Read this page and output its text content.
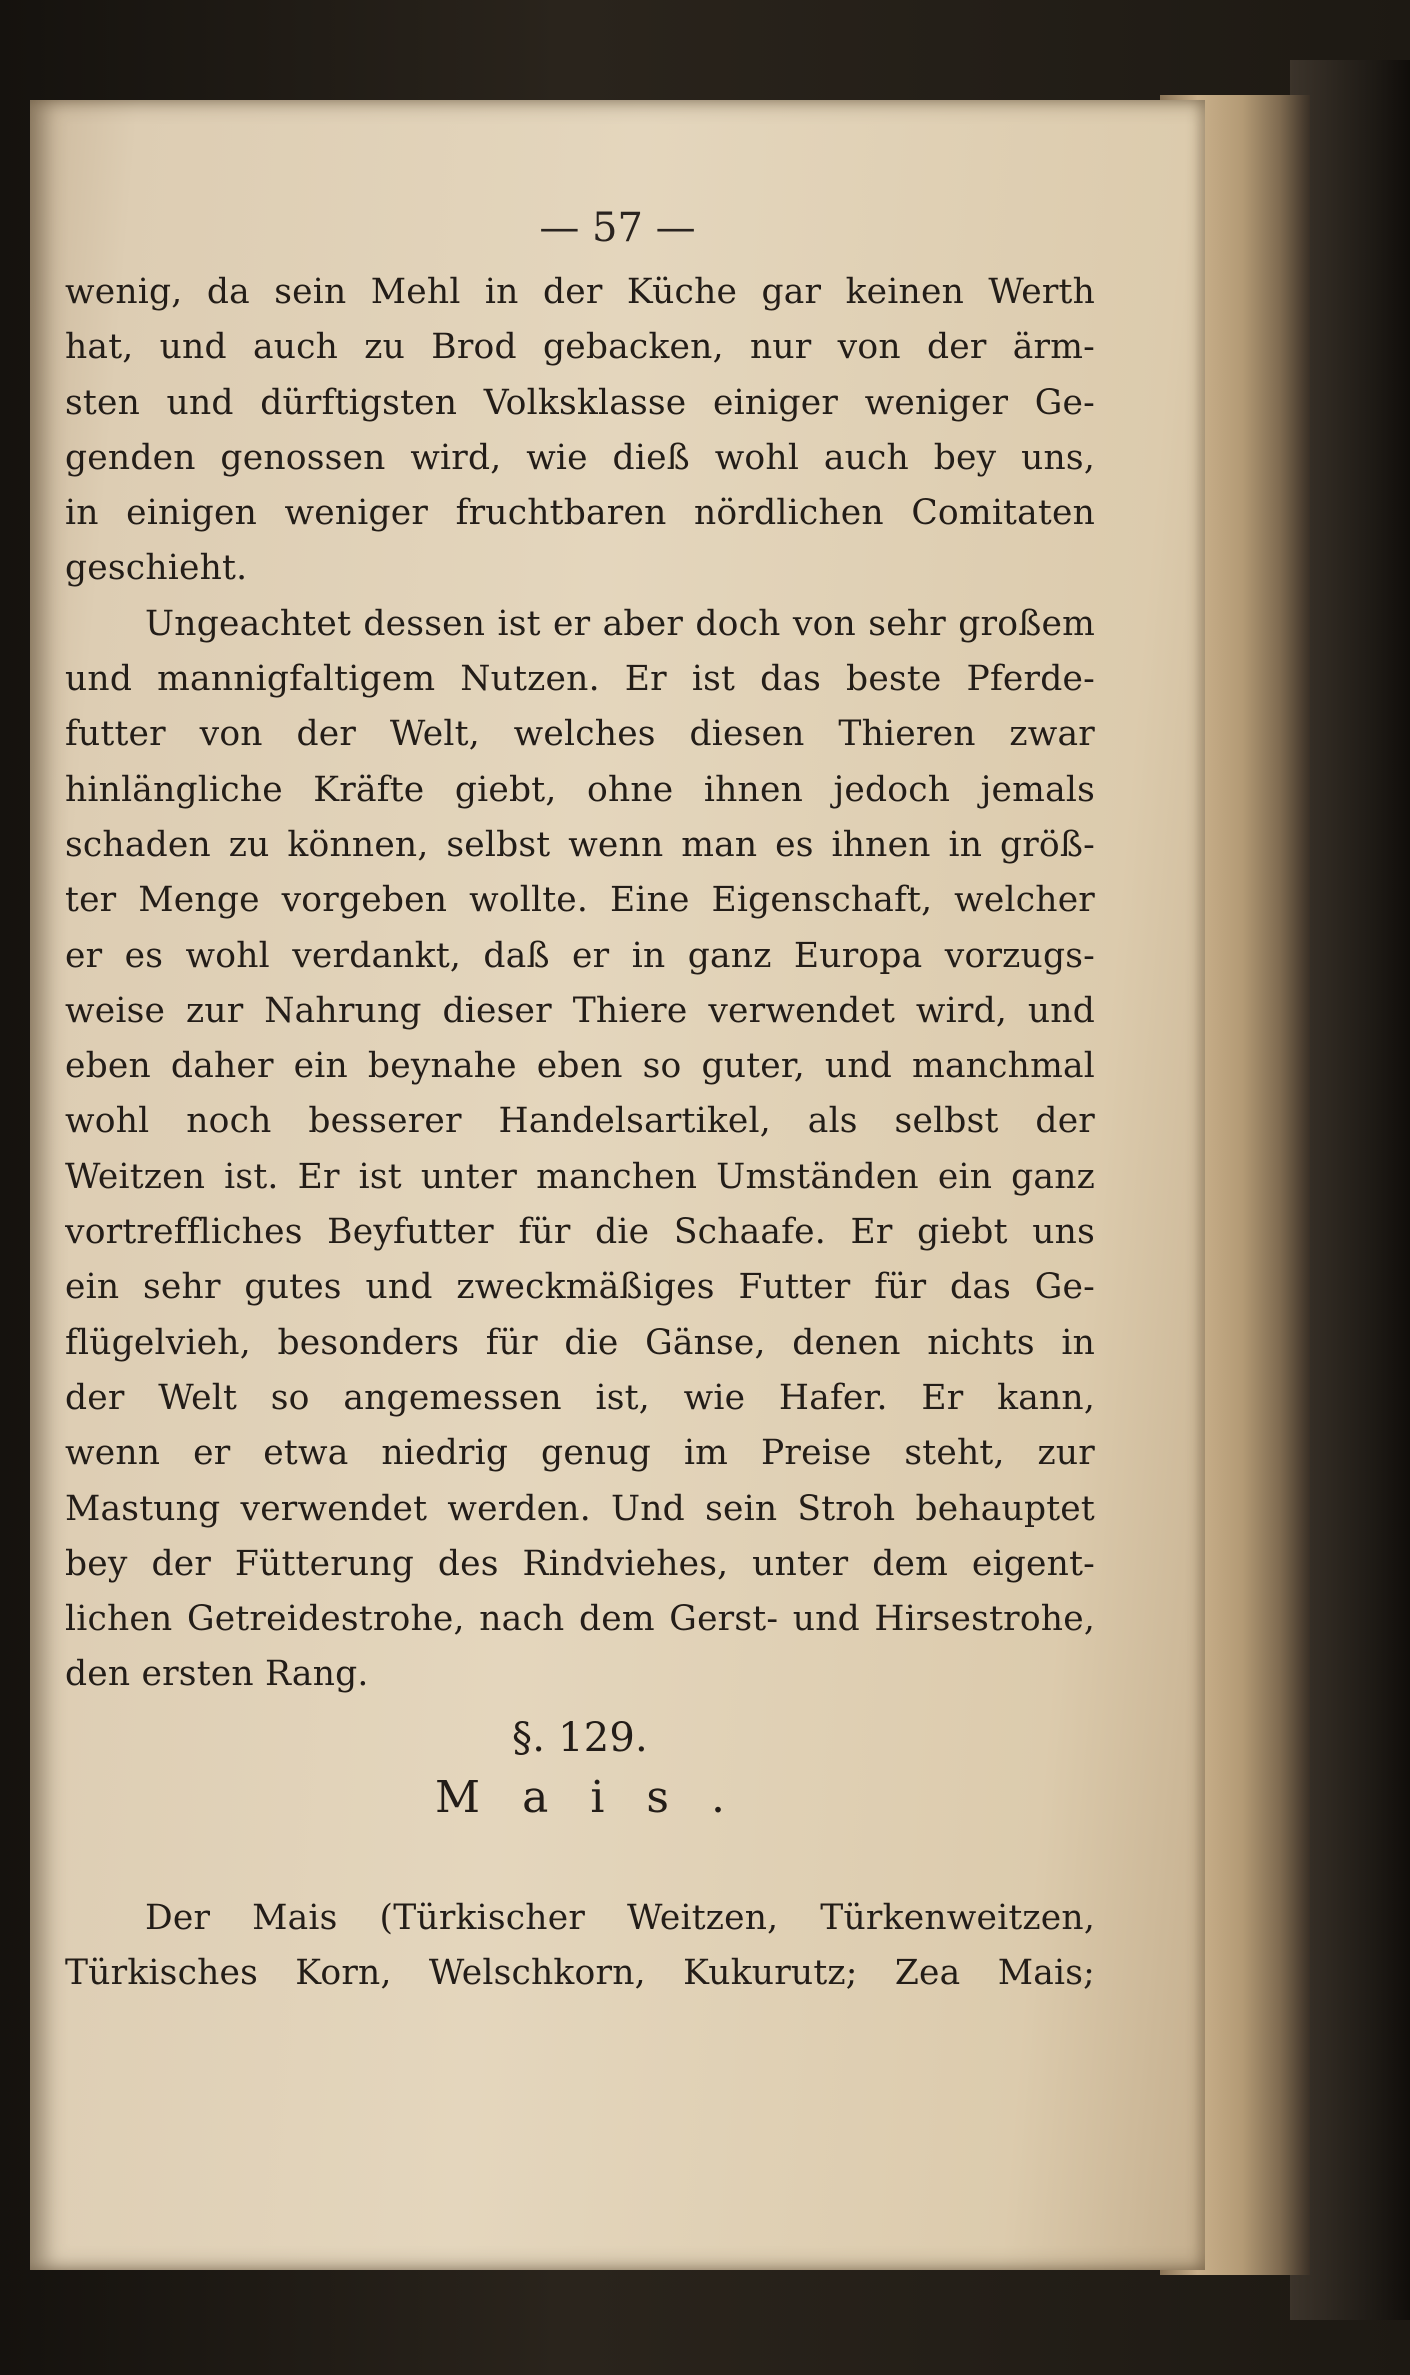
— 57 —
wenig, da sein Mehl in der Küche gar keinen Werth
hat, und auch zu Brod gebacken, nur von der ärm-
sten und dürftigsten Volksklasse einiger weniger Ge-
genden genossen wird, wie dieß wohl auch bey uns,
in einigen weniger fruchtbaren nördlichen Comitaten
geschieht.
Ungeachtet dessen ist er aber doch von sehr großem
und mannigfaltigem Nutzen. Er ist das beste Pferde-
futter von der Welt, welches diesen Thieren zwar
hinlängliche Kräfte giebt, ohne ihnen jedoch jemals
schaden zu können, selbst wenn man es ihnen in größ-
ter Menge vorgeben wollte. Eine Eigenschaft, welcher
er es wohl verdankt, daß er in ganz Europa vorzugs-
weise zur Nahrung dieser Thiere verwendet wird, und
eben daher ein beynahe eben so guter, und manchmal
wohl noch besserer Handelsartikel, als selbst der
Weitzen ist. Er ist unter manchen Umständen ein ganz
vortreffliches Beyfutter für die Schaafe. Er giebt uns
ein sehr gutes und zweckmäßiges Futter für das Ge-
flügelvieh, besonders für die Gänse, denen nichts in
der Welt so angemessen ist, wie Hafer. Er kann,
wenn er etwa niedrig genug im Preise steht, zur
Mastung verwendet werden. Und sein Stroh behauptet
bey der Fütterung des Rindviehes, unter dem eigent-
lichen Getreidestrohe, nach dem Gerst- und Hirsestrohe,
den ersten Rang.
§. 129.
Mais.
Der Mais (Türkischer Weitzen, Türkenweitzen,
Türkisches Korn, Welschkorn, Kukurutz; Zea Mais;
